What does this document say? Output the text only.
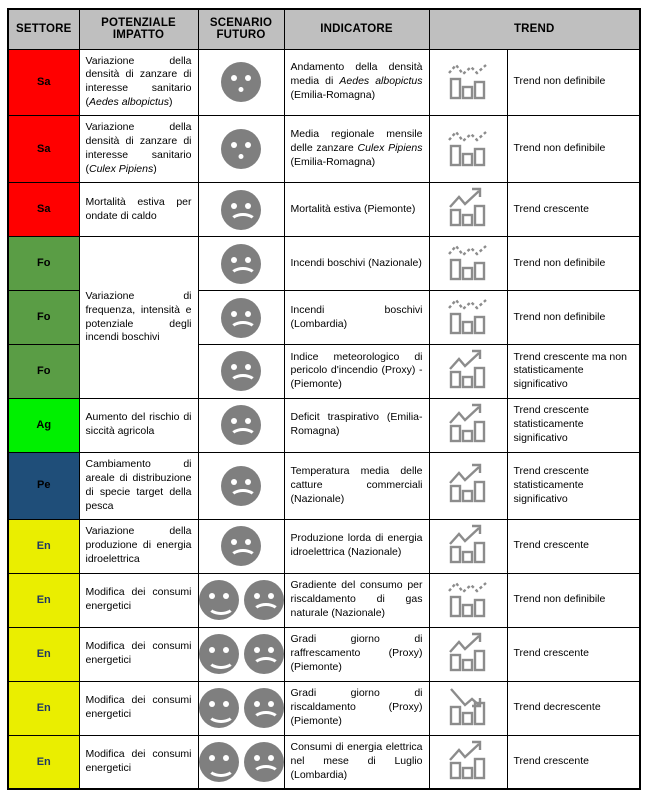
SETTORE	POTENZIALE IMPATTO	SCENARIO FUTURO	INDICATORE	TREND	
Sa	Variazione della densità di zanzare di interesse sanitario (Aedes albopictus)		Andamento della densità media di Aedes albopictus (Emilia-Romagna)		Trend non definibile
Sa	Variazione della densità di zanzare di interesse sanitario (Culex Pipiens)		Media regionale mensile delle zanzare Culex Pipiens (Emilia-Romagna)		Trend non definibile
Sa	Mortalità estiva per ondate di caldo		Mortalità estiva (Piemonte)		Trend crescente
Fo	Variazione di frequenza, intensità e potenziale degli incendi boschivi		Incendi boschivi (Nazionale)		Trend non definibile
Fo			Incendi boschivi (Lombardia)		Trend non definibile
Fo			Indice meteorologico di pericolo d'incendio (Proxy) - (Piemonte)		Trend crescente ma non statisticamente significativo
Ag	Aumento del rischio di siccità agricola		Deficit traspirativo (Emilia-Romagna)		Trend crescente statisticamente significativo
Pe	Cambiamento di areale di distribuzione di specie target della pesca		Temperatura media delle catture commerciali (Nazionale)		Trend crescente statisticamente significativo
En	Variazione della produzione di energia idroelettrica		Produzione lorda di energia idroelettrica (Nazionale)		Trend crescente
En	Modifica dei consumi energetici		Gradiente del consumo per riscaldamento di gas naturale (Nazionale)		Trend non definibile
En	Modifica dei consumi energetici		Gradi giorno di raffrescamento (Proxy) (Piemonte)		Trend crescente
En	Modifica dei consumi energetici		Gradi giorno di riscaldamento (Proxy) (Piemonte)		Trend decrescente
En	Modifica dei consumi energetici		Consumi di energia elettrica nel mese di Luglio (Lombardia)		Trend crescente
